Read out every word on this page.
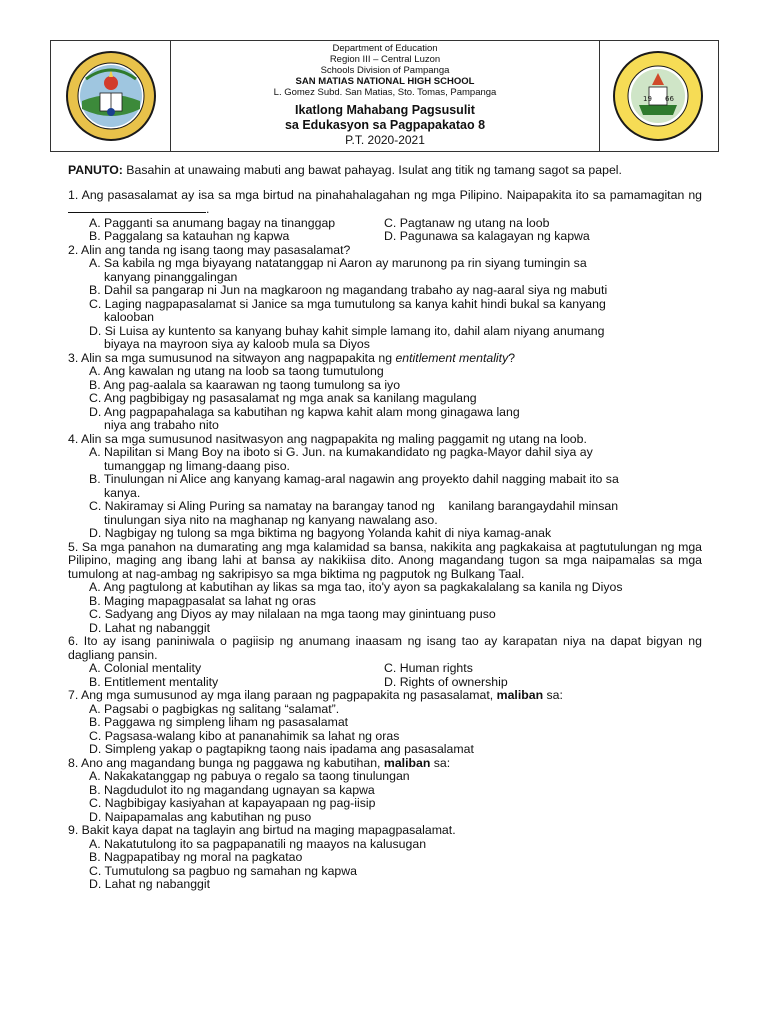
Department of Education
Region III – Central Luzon
Schools Division of Pampanga
SAN MATIAS NATIONAL HIGH SCHOOL
L. Gomez Subd. San Matias, Sto. Tomas, Pampanga
Ikatlong Mahabang Pagsusulit
sa Edukasyon sa Pagpapakatao 8
P.T. 2020-2021
19 66
PANUTO: Basahin at unawaing mabuti ang bawat pahayag. Isulat ang titik ng tamang sagot sa papel.
1. Ang pasasalamat ay isa sa mga birtud na pinahahalagahan ng mga Pilipino. Naipapakita ito sa pamamagitan ng .
A. Pagganti sa anumang bagay na tinanggap
B. Paggalang sa katauhan ng kapwa
C. Pagtanaw ng utang na loob
D. Pagunawa sa kalagayan ng kapwa
2. Alin ang tanda ng isang taong may pasasalamat?
A. Sa kabila ng mga biyayang natatanggap ni Aaron ay marunong pa rin siyang tumingin sa
kanyang pinanggalingan
B. Dahil sa pangarap ni Jun na magkaroon ng magandang trabaho ay nag-aaral siya ng mabuti
C. Laging nagpapasalamat si Janice sa mga tumutulong sa kanya kahit hindi bukal sa kanyang
kalooban
D. Si Luisa ay kuntento sa kanyang buhay kahit simple lamang ito, dahil alam niyang anumang
biyaya na mayroon siya ay kaloob mula sa Diyos
3. Alin sa mga sumusunod na sitwayon ang nagpapakita ng entitlement mentality?
A. Ang kawalan ng utang na loob sa taong tumutulong
B. Ang pag-aalala sa kaarawan ng taong tumulong sa iyo
C. Ang pagbibigay ng pasasalamat ng mga anak sa kanilang magulang
D. Ang pagpapahalaga sa kabutihan ng kapwa kahit alam mong ginagawa lang
niya ang trabaho nito
4. Alin sa mga sumusunod nasitwasyon ang nagpapakita ng maling paggamit ng utang na loob.
A. Napilitan si Mang Boy na iboto si G. Jun. na kumakandidato ng pagka-Mayor dahil siya ay
tumanggap ng limang-daang piso.
B. Tinulungan ni Alice ang kanyang kamag-aral nagawin ang proyekto dahil nagging mabait ito sa
kanya.
C. Nakiramay si Aling Puring sa namatay na barangay tanod ng    kanilang barangaydahil minsan
tinulungan siya nito na maghanap ng kanyang nawalang aso.
D. Nagbigay ng tulong sa mga biktima ng bagyong Yolanda kahit di niya kamag-anak
5. Sa mga panahon na dumarating ang mga kalamidad sa bansa, nakikita ang pagkakaisa at pagtutulungan ng mga Pilipino, maging ang ibang lahi at bansa ay nakikiisa dito. Anong magandang tugon sa mga naipamalas sa mga tumulong at nag-ambag ng sakripisyo sa mga biktima ng pagputok ng Bulkang Taal.
A. Ang pagtulong at kabutihan ay likas sa mga tao, ito'y ayon sa pagkakalalang sa kanila ng Diyos
B. Maging mapagpasalat sa lahat ng oras
C. Sadyang ang Diyos ay may nilalaan na mga taong may ginintuang puso
D. Lahat ng nabanggit
6. Ito ay isang paniniwala o pagiisip ng anumang inaasam ng isang tao ay karapatan niya na dapat bigyan ng dagliang pansin.
A. Colonial mentality
B. Entitlement mentality
C. Human rights
D. Rights of ownership
7. Ang mga sumusunod ay mga ilang paraan ng pagpapakita ng pasasalamat, maliban sa:
A. Pagsabi o pagbigkas ng salitang “salamat”.
B. Paggawa ng simpleng liham ng pasasalamat
C. Pagsasa-walang kibo at pananahimik sa lahat ng oras
D. Simpleng yakap o pagtapikng taong nais ipadama ang pasasalamat
8. Ano ang magandang bunga ng paggawa ng kabutihan, maliban sa:
A. Nakakatanggap ng pabuya o regalo sa taong tinulungan
B. Nagdudulot ito ng magandang ugnayan sa kapwa
C. Nagbibigay kasiyahan at kapayapaan ng pag-iisip
D. Naipapamalas ang kabutihan ng puso
9. Bakit kaya dapat na taglayin ang birtud na maging mapagpasalamat.
A. Nakatutulong ito sa pagpapanatili ng maayos na kalusugan
B. Nagpapatibay ng moral na pagkatao
C. Tumutulong sa pagbuo ng samahan ng kapwa
D. Lahat ng nabanggit
